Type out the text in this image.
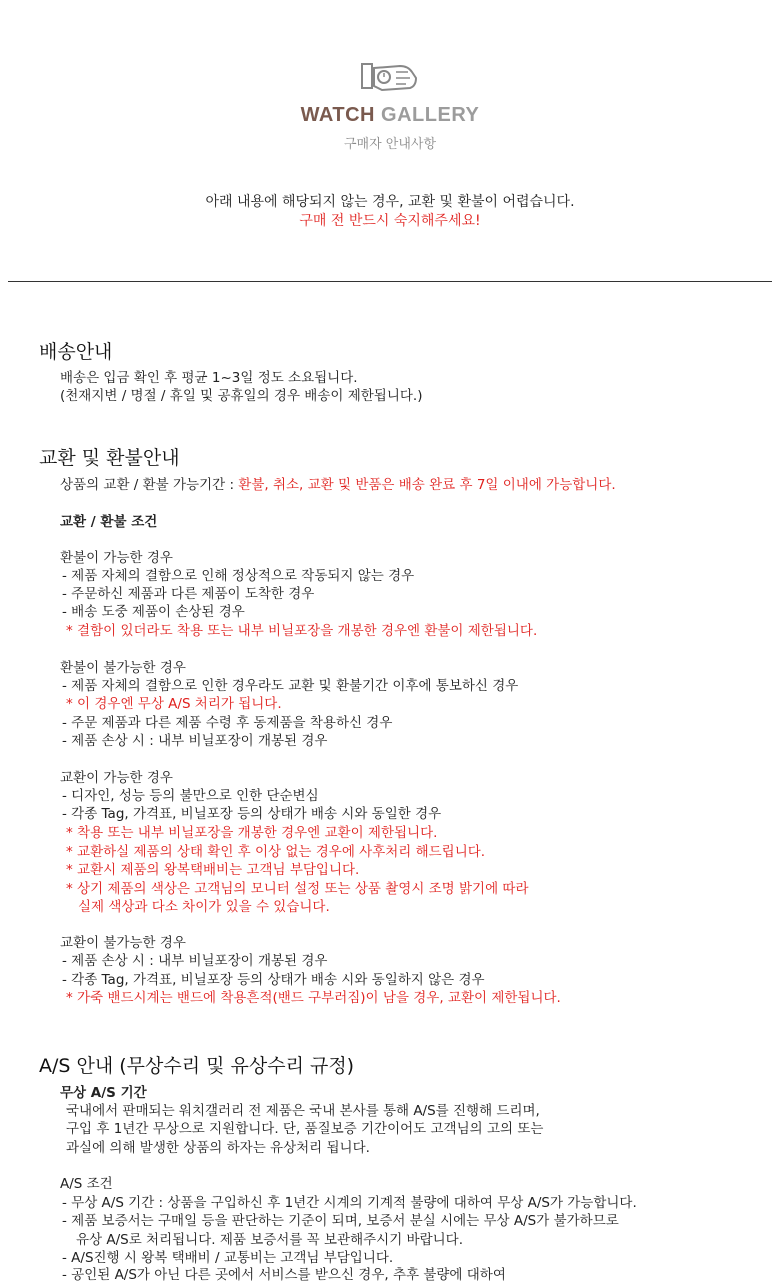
WATCH GALLERY
구매자 안내사항
아래 내용에 해당되지 않는 경우, 교환 및 환불이 어렵습니다.
구매 전 반드시 숙지해주세요!
배송안내
배송은 입금 확인 후 평균 1~3일 정도 소요됩니다.
(천재지변 / 명절 / 휴일 및 공휴일의 경우 배송이 제한됩니다.)
교환 및 환불안내
상품의 교환 / 환불 가능기간 : 환불, 취소, 교환 및 반품은 배송 완료 후 7일 이내에 가능합니다.
교환 / 환불 조건
환불이 가능한 경우
- 제품 자체의 결함으로 인해 정상적으로 작동되지 않는 경우
- 주문하신 제품과 다른 제품이 도착한 경우
- 배송 도중 제품이 손상된 경우
* 결함이 있더라도 착용 또는 내부 비닐포장을 개봉한 경우엔 환불이 제한됩니다.
환불이 불가능한 경우
- 제품 자체의 결함으로 인한 경우라도 교환 및 환불기간 이후에 통보하신 경우
* 이 경우엔 무상 A/S 처리가 됩니다.
- 주문 제품과 다른 제품 수령 후 동제품을 착용하신 경우
- 제품 손상 시 : 내부 비닐포장이 개봉된 경우
교환이 가능한 경우
- 디자인, 성능 등의 불만으로 인한 단순변심
- 각종 Tag, 가격표, 비닐포장 등의 상태가 배송 시와 동일한 경우
* 착용 또는 내부 비닐포장을 개봉한 경우엔 교환이 제한됩니다.
* 교환하실 제품의 상태 확인 후 이상 없는 경우에 사후처리 해드립니다.
* 교환시 제품의 왕복택배비는 고객님 부담입니다.
* 상기 제품의 색상은 고객님의 모니터 설정 또는 상품 촬영시 조명 밝기에 따라
실제 색상과 다소 차이가 있을 수 있습니다.
교환이 불가능한 경우
- 제품 손상 시 : 내부 비닐포장이 개봉된 경우
- 각종 Tag, 가격표, 비닐포장 등의 상태가 배송 시와 동일하지 않은 경우
* 가죽 밴드시계는 밴드에 착용흔적(밴드 구부러짐)이 남을 경우, 교환이 제한됩니다.
A/S 안내 (무상수리 및 유상수리 규정)
무상 A/S 기간
국내에서 판매되는 워치갤러리 전 제품은 국내 본사를 통해 A/S를 진행해 드리며,
구입 후 1년간 무상으로 지원합니다. 단, 품질보증 기간이어도 고객님의 고의 또는
과실에 의해 발생한 상품의 하자는 유상처리 됩니다.
A/S 조건
- 무상 A/S 기간 : 상품을 구입하신 후 1년간 시계의 기계적 불량에 대하여 무상 A/S가 가능합니다.
- 제품 보증서는 구매일 등을 판단하는 기준이 되며, 보증서 분실 시에는 무상 A/S가 불가하므로
유상 A/S로 처리됩니다. 제품 보증서를 꼭 보관해주시기 바랍니다.
- A/S진행 시 왕복 택배비 / 교통비는 고객님 부담입니다.
- 공인된 A/S가 아닌 다른 곳에서 서비스를 받으신 경우, 추후 불량에 대하여
